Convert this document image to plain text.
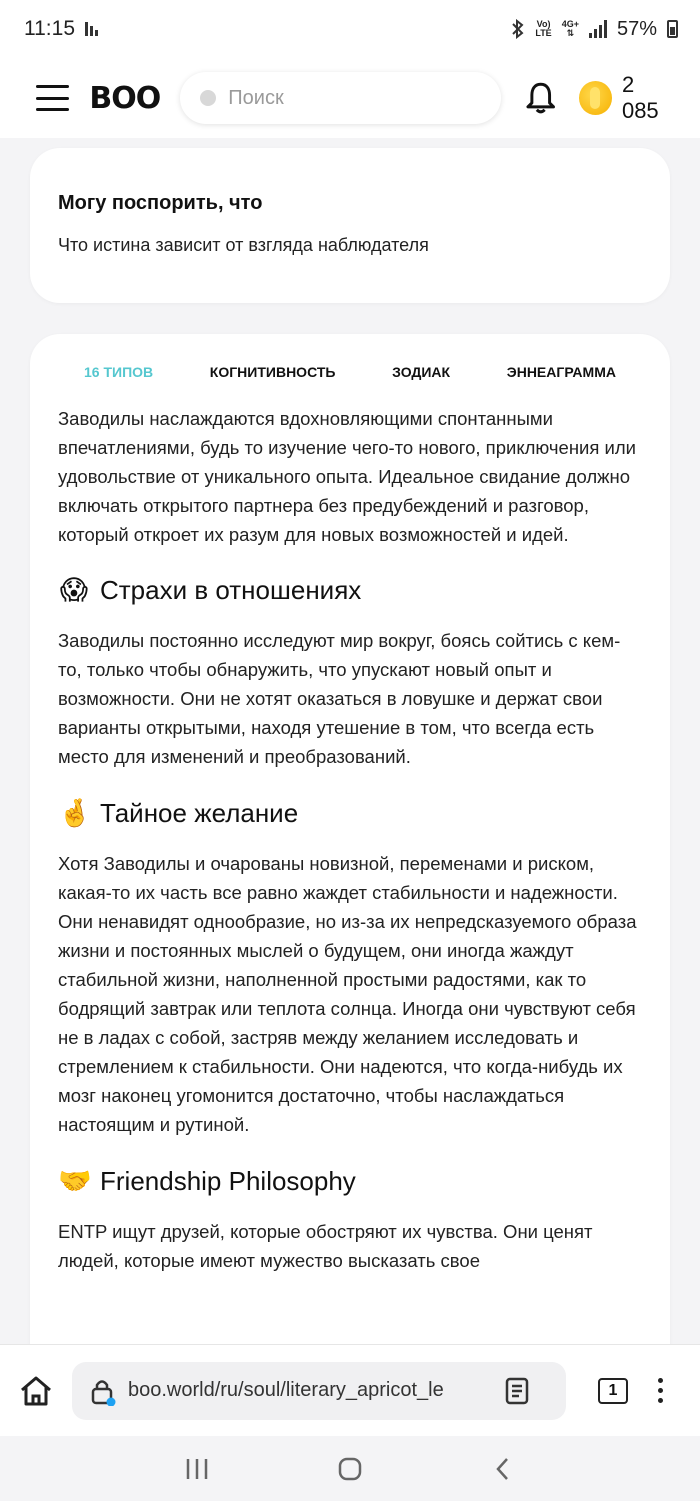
11:15	Vo)
LTE
4G+
⇅ 57%
BOO
Поиск	2 085
Могу поспорить, что

Что истина зависит от взгляда наблюдателя

16 ТИПОВ	КОГНИТИВНОСТЬ	ЗОДИАК	ЭННЕАГРАММА

Заводилы наслаждаются вдохновляющими спонтанными впечатлениями, будь то изучение чего-то нового, приключения или удовольствие от уникального опыта. Идеальное свидание должно включать открытого партнера без предубеждений и разговор, который откроет их разум для новых возможностей и идей.

😱 Страхи в отношениях

Заводилы постоянно исследуют мир вокруг, боясь сойтись с кем-то, только чтобы обнаружить, что упускают новый опыт и возможности. Они не хотят оказаться в ловушке и держат свои варианты открытыми, находя утешение в том, что всегда есть место для изменений и преобразований.

🤞 Тайное желание

Хотя Заводилы и очарованы новизной, переменами и риском, какая-то их часть все равно жаждет стабильности и надежности. Они ненавидят однообразие, но из-за их непредсказуемого образа жизни и постоянных мыслей о будущем, они иногда жаждут стабильной жизни, наполненной простыми радостями, как то бодрящий завтрак или теплота солнца. Иногда они чувствуют себя не в ладах с собой, застряв между желанием исследовать и стремлением к стабильности. Они надеются, что когда-нибудь их мозг наконец угомонится достаточно, чтобы наслаждаться настоящим и рутиной.

🤝 Friendship Philosophy

ENTP ищут друзей, которые обостряют их чувства. Они ценят людей, которые имеют мужество высказать свое

boo.world/ru/soul/literary_apricot_le	1
